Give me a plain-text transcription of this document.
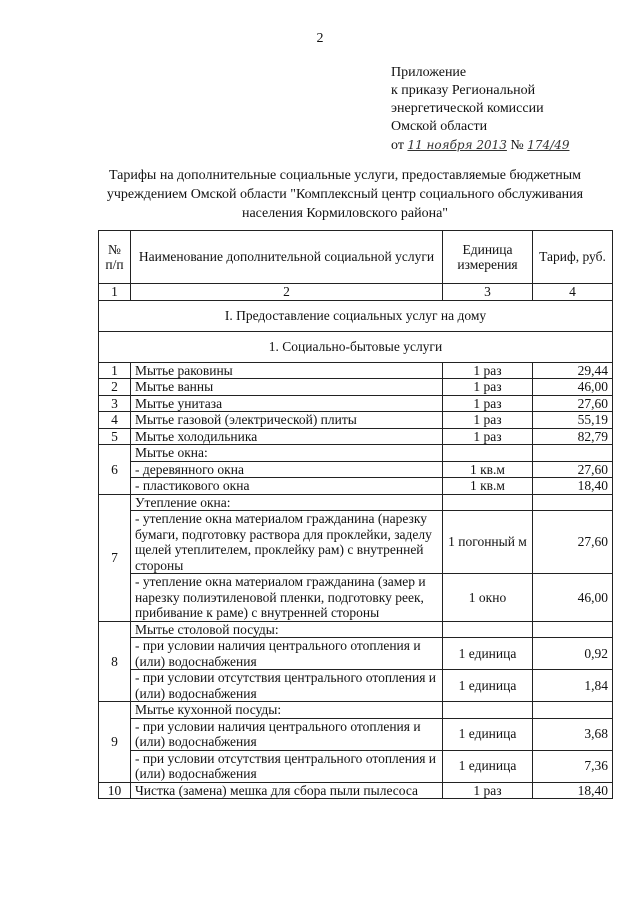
2
Приложение
к приказу Региональной
энергетической комиссии
Омской области
от 11 ноября 2013 № 174/49
Тарифы на дополнительные социальные услуги, предоставляемые бюджетным учреждением Омской области "Комплексный центр социального обслуживания населения Кормиловского района"
№ п/п	Наименование дополнительной социальной услуги	Единица измерения	Тариф, руб.
1	2	3	4
I. Предоставление социальных услуг на дому			
1. Социально-бытовые услуги			
1	Мытье раковины	1 раз	29,44
2	Мытье ванны	1 раз	46,00
3	Мытье унитаза	1 раз	27,60
4	Мытье газовой (электрической) плиты	1 раз	55,19
5	Мытье холодильника	1 раз	82,79
6	Мытье окна:		
	- деревянного окна	1 кв.м	27,60
	- пластикового окна	1 кв.м	18,40
7	Утепление окна:		
	- утепление окна материалом гражданина (нарезку бумаги, подготовку раствора для проклейки, заделу щелей утеплителем, проклейку рам) с внутренней стороны	1 погонный м	27,60
	- утепление окна материалом гражданина (замер и нарезку полиэтиленовой пленки, подготовку реек, прибивание к раме) с внутренней стороны	1 окно	46,00
8	Мытье столовой посуды:		
	- при условии наличия центрального отопления и (или) водоснабжения	1 единица	0,92
	- при условии отсутствия центрального отопления и (или) водоснабжения	1 единица	1,84
9	Мытье кухонной посуды:		
	- при условии наличия центрального отопления и (или) водоснабжения	1 единица	3,68
	- при условии отсутствия центрального отопления и (или) водоснабжения	1 единица	7,36
10	Чистка (замена) мешка для сбора пыли пылесоса	1 раз	18,40
